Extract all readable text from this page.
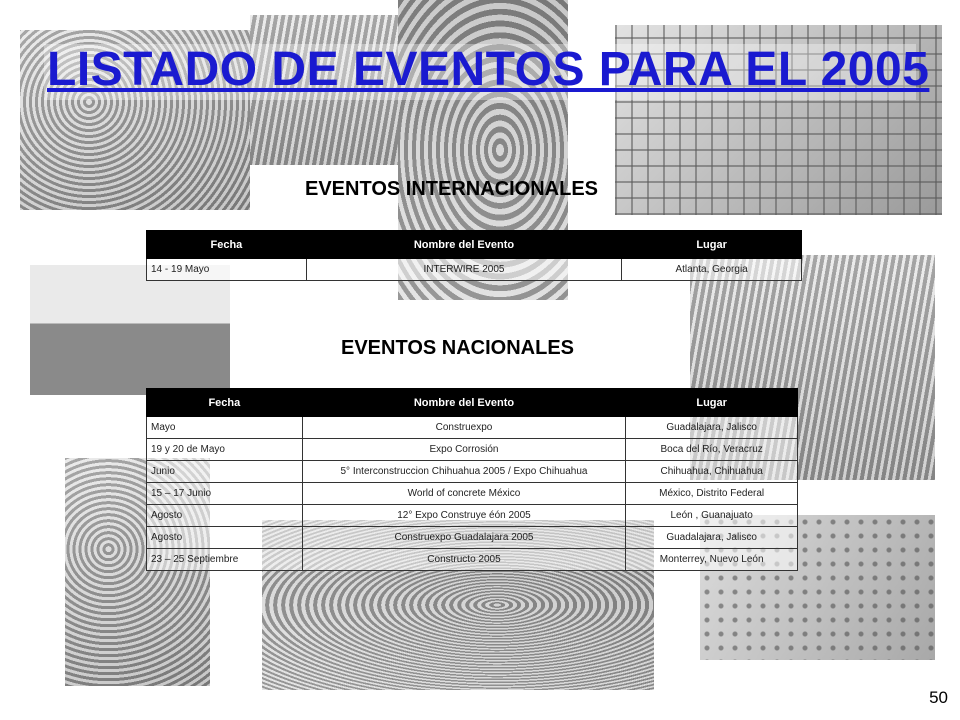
LISTADO DE EVENTOS PARA EL 2005
EVENTOS INTERNACIONALES
Fecha	Nombre del Evento	Lugar
14 - 19 Mayo	INTERWIRE 2005	Atlanta, Georgia
EVENTOS NACIONALES
Fecha	Nombre del Evento	Lugar
Mayo	Construexpo	Guadalajara, Jalisco
19 y 20 de Mayo	Expo Corrosión	Boca del Río, Veracruz
Junio	5° Interconstruccion Chihuahua 2005 / Expo Chihuahua	Chihuahua, Chihuahua
15 – 17 Junio	World of concrete México	México, Distrito Federal
Agosto	12° Expo Construye éón 2005	León , Guanajuato
Agosto	Construexpo Guadalajara 2005	Guadalajara, Jalisco
23 – 25 Septiembre	Constructo 2005	Monterrey, Nuevo León
50
